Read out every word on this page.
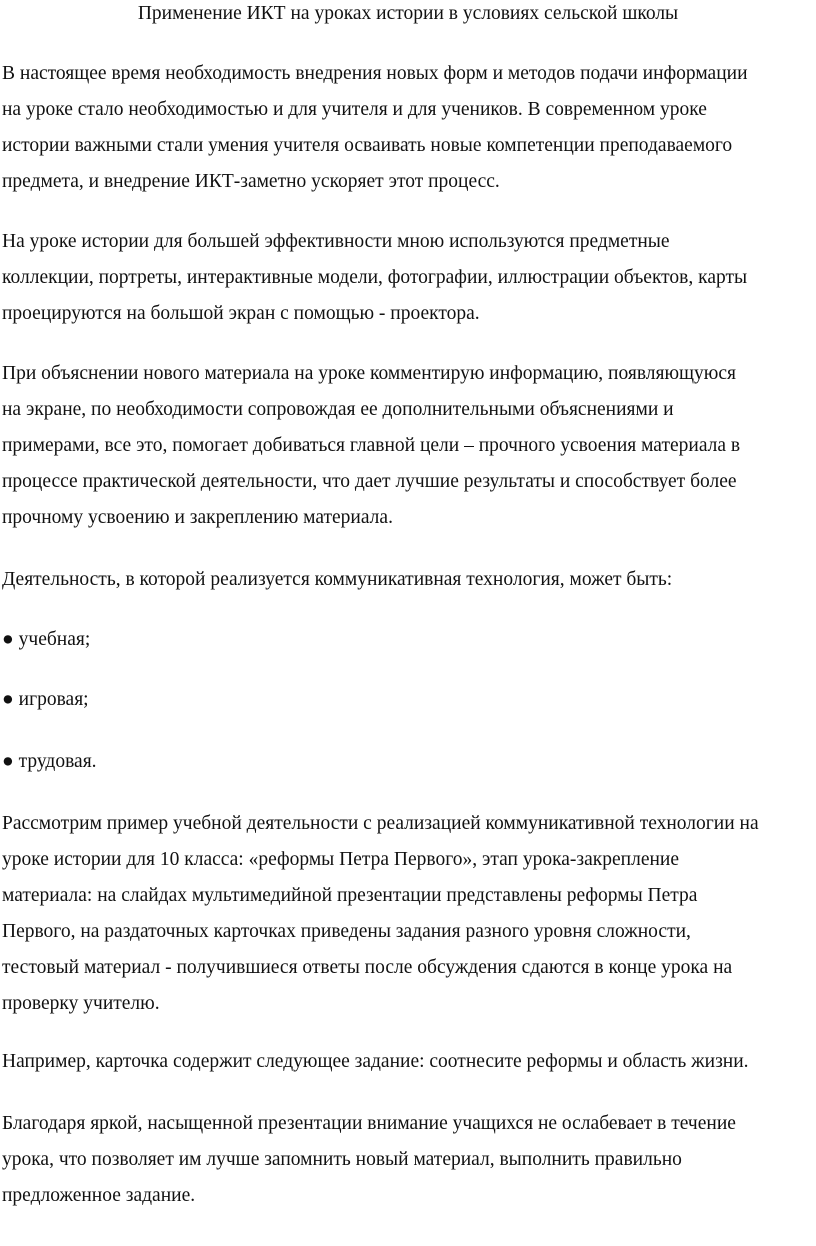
Применение ИКТ на уроках истории в условиях сельской школы

В настоящее время необходимость внедрения новых форм и методов подачи информации
на уроке стало необходимостью и для учителя и для учеников. В современном уроке
истории важными стали умения учителя осваивать новые компетенции преподаваемого
предмета, и внедрение ИКТ-заметно ускоряет этот процесс.

На уроке истории для большей эффективности мною используются предметные
коллекции, портреты, интерактивные модели, фотографии, иллюстрации объектов, карты
проецируются на большой экран с помощью - проектора.

При объяснении нового материала на уроке комментирую информацию, появляющуюся
на экране, по необходимости сопровождая ее дополнительными объяснениями и
примерами, все это, помогает добиваться главной цели – прочного усвоения материала в
процессе практической деятельности, что дает лучшие результаты и способствует более
прочному усвоению и закреплению материала.

Деятельность, в которой реализуется коммуникативная технология, может быть:

● учебная;

● игровая;

● трудовая.

Рассмотрим пример учебной деятельности с реализацией коммуникативной технологии на
уроке истории для 10 класса: «реформы Петра Первого», этап урока-закрепление
материала: на слайдах мультимедийной презентации представлены реформы Петра
Первого, на раздаточных карточках приведены задания разного уровня сложности,
тестовый материал - получившиеся ответы после обсуждения сдаются в конце урока на
проверку учителю.

Например, карточка содержит следующее задание: соотнесите реформы и область жизни.

Благодаря яркой, насыщенной презентации внимание учащихся не ослабевает в течение
урока, что позволяет им лучше запомнить новый материал, выполнить правильно
предложенное задание.
